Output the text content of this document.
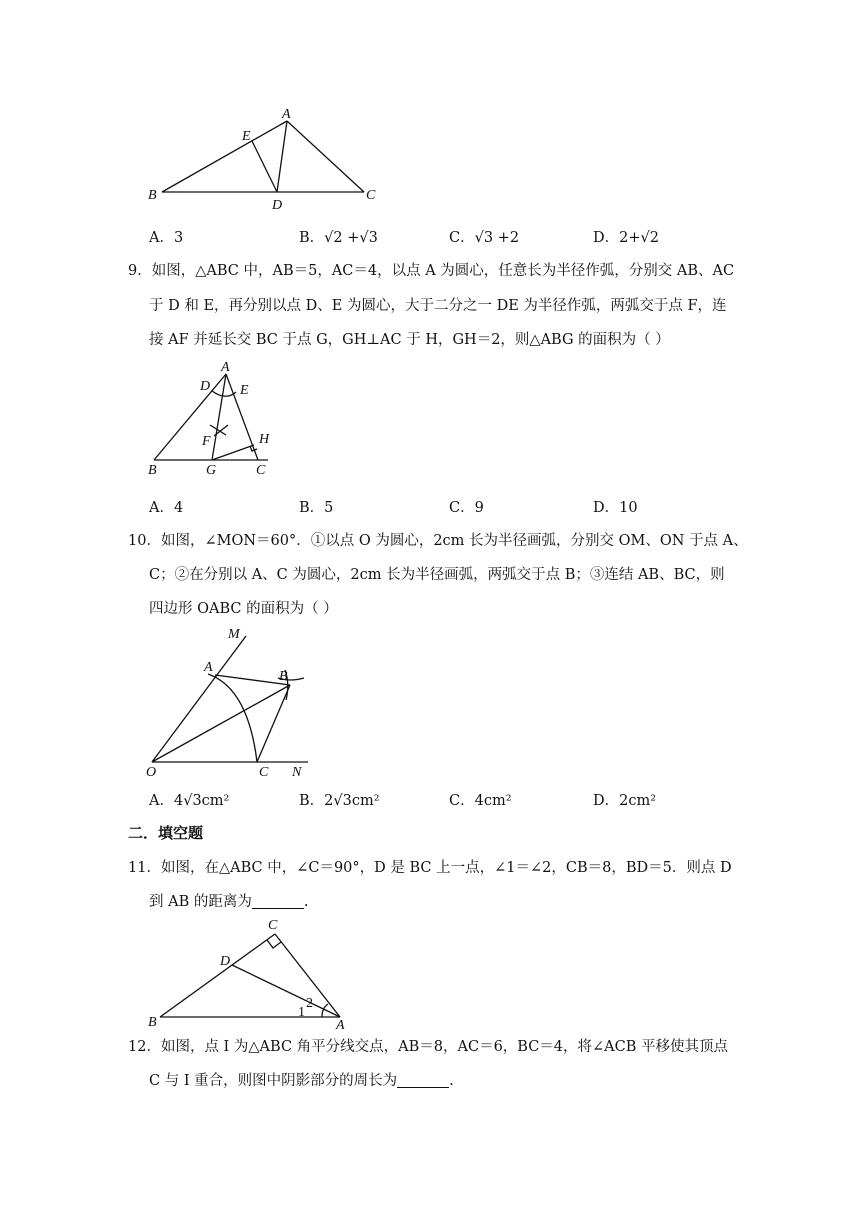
A
E
B	C
D
A．3	B．√2 +√3	C．√3 +2	D．2+√2
9．如图，△ABC 中，AB＝5，AC＝4，以点 A 为圆心，任意长为半径作弧，分别交 AB、AC
于 D 和 E，再分别以点 D、E 为圆心，大于二分之一 DE 为半径作弧，两弧交于点 F，连
接 AF 并延长交 BC 于点 G，GH⊥AC 于 H，GH＝2，则△ABG 的面积为（ ）
A
D E
F	H
B	G	C
A．4	B．5	C．9	D．10
10．如图，∠MON＝60°．①以点 O 为圆心，2cm 长为半径画弧，分别交 OM、ON 于点 A、
C；②在分别以 A、C 为圆心，2cm 长为半径画弧，两弧交于点 B；③连结 AB、BC，则
四边形 OABC 的面积为（ ）
M
A
B
O	C N
A．4√3cm²	B．2√3cm²	C．4cm²	D．2cm²
二．填空题
11．如图，在△ABC 中，∠C＝90°，D 是 BC 上一点，∠1＝∠2，CB＝8，BD＝5．则点 D
到 AB 的距离为	.
C
D
2
1
B	A
12．如图，点 I 为△ABC 角平分线交点，AB＝8，AC＝6，BC＝4，将∠ACB 平移使其顶点
C 与 I 重合，则图中阴影部分的周长为	.
